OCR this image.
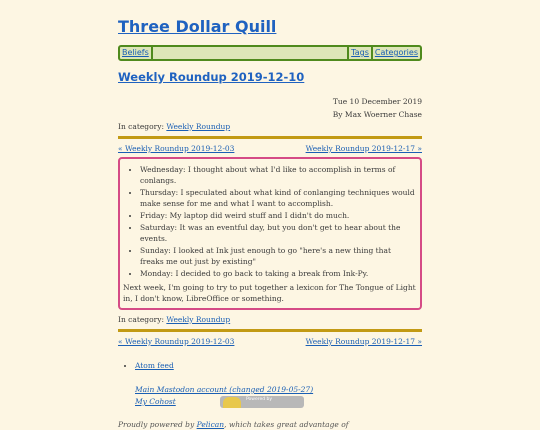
Three Dollar Quill
Beliefs	Tags Categories
Weekly Roundup 2019-12-10
Tue 10 December 2019
By Max Woerner Chase
In category: Weekly Roundup
« Weekly Roundup 2019-12-03	Weekly Roundup 2019-12-17 »
• Wednesday: I thought about what I'd like to accomplish in terms of conlangs.
• Thursday: I speculated about what kind of conlanging techniques would make sense for me and what I want to accomplish.
• Friday: My laptop did weird stuff and I didn't do much.
• Saturday: It was an eventful day, but you don't get to hear about the events.
• Sunday: I looked at Ink just enough to go "here's a new thing that freaks me out just by existing"
• Monday: I decided to go back to taking a break from Ink-Py.

Next week, I'm going to try to put together a lexicon for The Tongue of Light in, I don't know, LibreOffice or something.

In category: Weekly Roundup
« Weekly Roundup 2019-12-03	Weekly Roundup 2019-12-17 »
• Atom feed
Main Mastodon account (changed 2019-05-27)
My Cohost
Proudly powered by Pelican, which takes great advantage of
Powered by
